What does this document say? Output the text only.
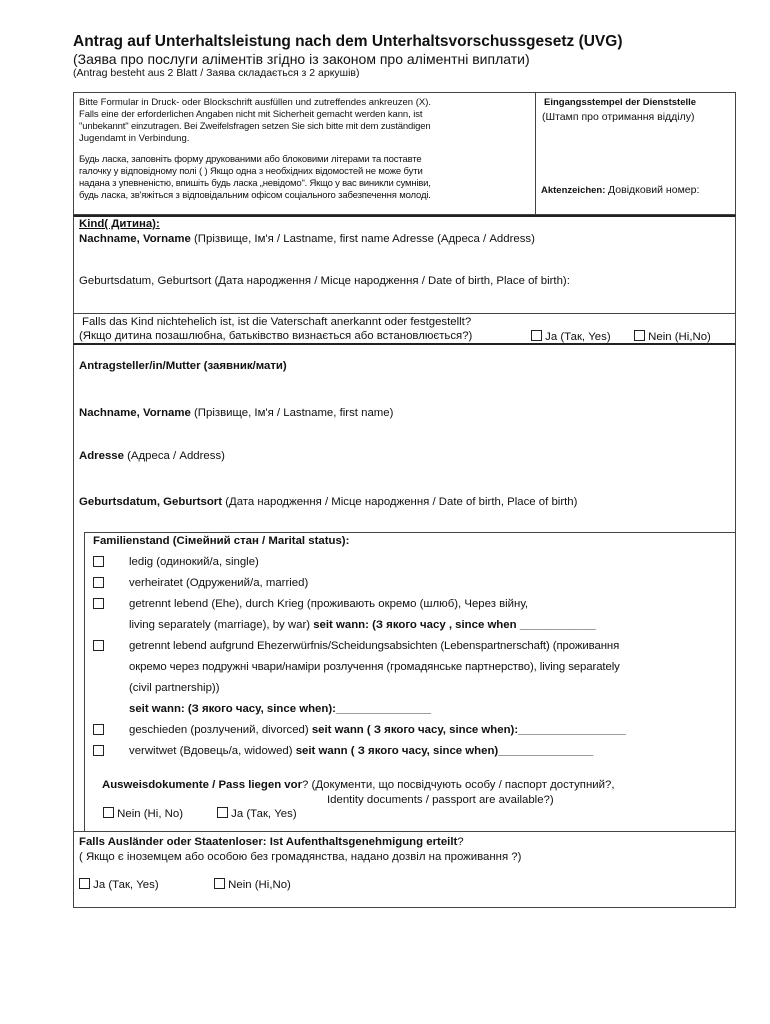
Antrag auf Unterhaltsleistung nach dem Unterhaltsvorschussgesetz (UVG)
(Заява про послуги аліментів згідно із законом про аліментні виплати)
(Antrag besteht aus 2 Blatt / Заява складається з 2 аркушів)
Bitte Formular in Druck- oder Blockschrift ausfüllen und zutreffendes ankreuzen (X).
Falls eine der erforderlichen Angaben nicht mit Sicherheit gemacht werden kann, ist
"unbekannt" einzutragen. Bei Zweifelsfragen setzen Sie sich bitte mit dem zuständigen
Jugendamt in Verbindung.
Будь ласка, заповніть форму друкованими або блоковими літерами та поставте
галочку у відповідному полі ( ) Якщо одна з необхідних відомостей не може бути
надана з упевненістю, впишіть будь ласка „невідомо". Якщо у вас виникли сумніви,
будь ласка, зв'яжіться з відповідальним офісом соціального забезпечення молоді.
Eingangsstempel der Dienststelle
(Штамп про отримання відділу)
Aktenzeichen: Довідковий номер:
Kind( Дитина):
Nachname, Vorname (Прізвище, Ім'я / Lastname, first name Adresse (Адреса / Address)
Geburtsdatum, Geburtsort (Дата народження / Місце народження / Date of birth, Place of birth):
Falls das Kind nichtehelich ist, ist die Vaterschaft anerkannt oder festgestellt?
(Якщо дитина позашлюбна, батьківство визнається або встановлюється?)	Ja (Так, Yes)	Nein (Ні,No)
Antragsteller/in/Mutter (заявник/мати)
Nachname, Vorname (Прізвище, Ім'я / Lastname, first name)
Adresse (Адреса / Address)
Geburtsdatum, Geburtsort (Дата народження / Місце народження / Date of birth, Place of birth)
Familienstand (Сімейний стан / Marital status):
ledig (одинокий/а, single)
verheiratet (Одружений/а, married)
getrennt lebend (Ehe), durch Krieg (проживають окремо (шлюб), Через війну,
living separately (marriage), by war) seit wann: (З якого часу , since when ____________
getrennt lebend aufgrund Ehezerwürfnis/Scheidungsabsichten (Lebenspartnerschaft) (проживання
окремо через подружні чвари/наміри розлучення (громадянське партнерство), living separately
(civil partnership))
seit wann: (З якого часу, since when):_______________
geschieden (розлучений, divorced) seit wann ( З якого часу, since when):_________________
verwitwet (Вдовець/а, widowed) seit wann ( З якого часу, since when)_______________
Ausweisdokumente / Pass liegen vor? (Документи, що посвідчують особу / паспорт доступний?,
Identity documents / passport are available?)
Nein (Ні, No)	Ja (Так, Yes)
Falls Ausländer oder Staatenloser: Ist Aufenthaltsgenehmigung erteilt?
( Якщо є іноземцем або особою без громадянства, надано дозвіл на проживання ?)
Ja (Так, Yes)	Nein (Ні,No)
